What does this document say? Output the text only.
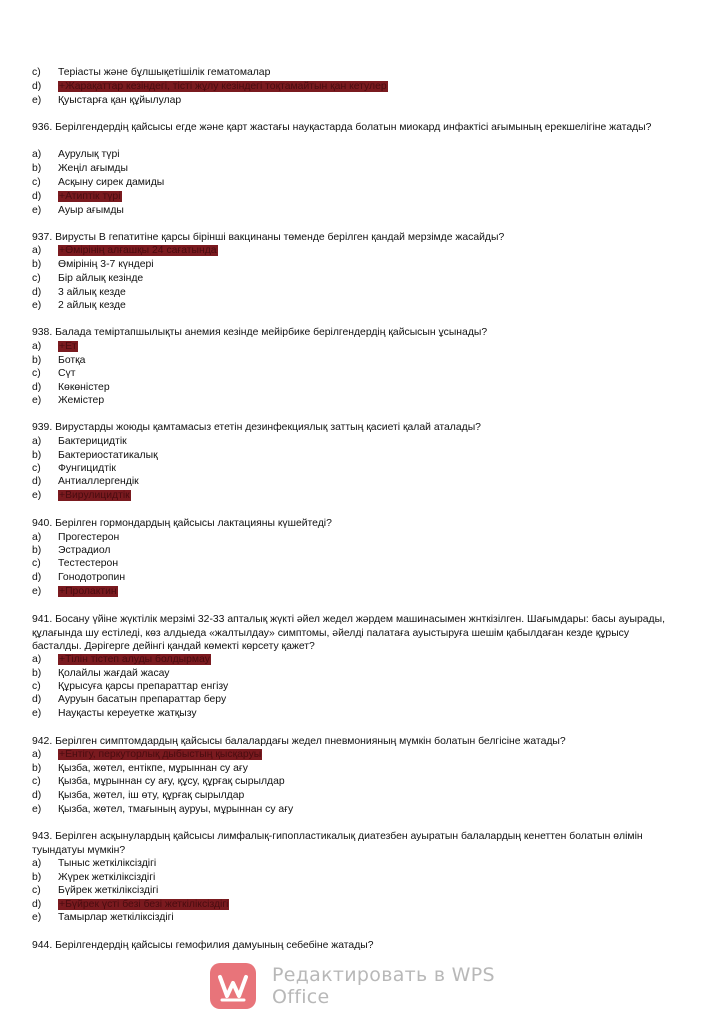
c) Теріасты және бұлшықетішілік гематомалар
d) +Жарақаттар кезіндегі, тісті жұлу кезіндегі тоқтамайтын қан кетулер
e) Қуыстарға қан құйылулар
936. Берілгендердің қайсысы егде және қарт жастағы науқастарда болатын миокард инфактісі ағымының ерекшелігіне жатады?
a) Аурулық түрі
b) Жеңіл ағымды
c) Асқыну сирек дамиды
d) +Атиптік түрі
e) Ауыр ағымды
937. Вирусты В гепатитіне қарсы бірінші вакцинаны төменде берілген қандай мерзімде жасайды?
a) +Өмірінің алғашқы 24 сағатында
b) Өмірінің 3-7 күндері
c) Бір айлық кезінде
d) 3 айлық кезде
e) 2 айлық кезде
938. Балада теміртапшылықты анемия кезінде мейірбике берілгендердің қайсысын ұсынады?
a) +Ет
b) Ботқа
c) Сүт
d) Көкөністер
e) Жемістер
939. Вирустарды жоюды қамтамасыз ететін дезинфекциялық заттың қасиеті қалай аталады?
a) Бактерицидтік
b) Бактериостатикалық
c) Фунгицидтік
d) Антиаллергендік
e) +Вирулицидтік
940. Берілген гормондардың қайсысы лактацияны күшейтеді?
a) Прогестерон
b) Эстрадиол
c) Тестестерон
d) Гонодотропин
e) +Пролактин
941. Босану үйіне жүктілік мерзімі 32-33 апталық жүкті әйел жедел жәрдем машинасымен жнткізілген. Шағымдары: басы ауырады, құлағында шу естіледі, көз алдыеда «жалтылдау» симптомы, әйелді палатаға ауыстыруға шешім қабылдаған кезде құрысу басталды. Дәрігерге дейінгі қандай көмекті көрсету қажет?
a) +Тілін тістеп алуды болдырмау
b) Қолайлы жағдай жасау
c) Құрысуға қарсы препараттар енгізу
d) Ауруын басатын препараттар беру
e) Науқасты кереуетке жатқызу
942. Берілген симптомдардың қайсысы балалардағы жедел пневмонияның мүмкін болатын белгісіне жатады?
a) +Ентігу, перкуторлық дыбыстың қысқаруы
b) Қызба, жөтел, ентікпе, мұрыннан су ағу
c) Қызба, мұрыннан су ағу, құсу, құрғақ сырылдар
d) Қызба, жөтел, іш өту, құрғақ сырылдар
e) Қызба, жөтел, тмағының ауруы, мұрыннан су ағу
943. Берілген асқынулардың қайсысы лимфалық-гипопластикалық диатезбен ауыратын балалардың кенеттен болатын өлімін туындатуы мүмкін?
a) Тыныс жеткіліксіздігі
b) Жүрек жеткіліксіздігі
c) Бүйрек жеткіліксіздігі
d) +Бүйрек үсті безі безі жеткіліксіздігі
e) Тамырлар жеткіліксіздігі
944. Берілгендердің қайсысы гемофилия дамуының себебіне жатады?
Редактировать в WPS Office
